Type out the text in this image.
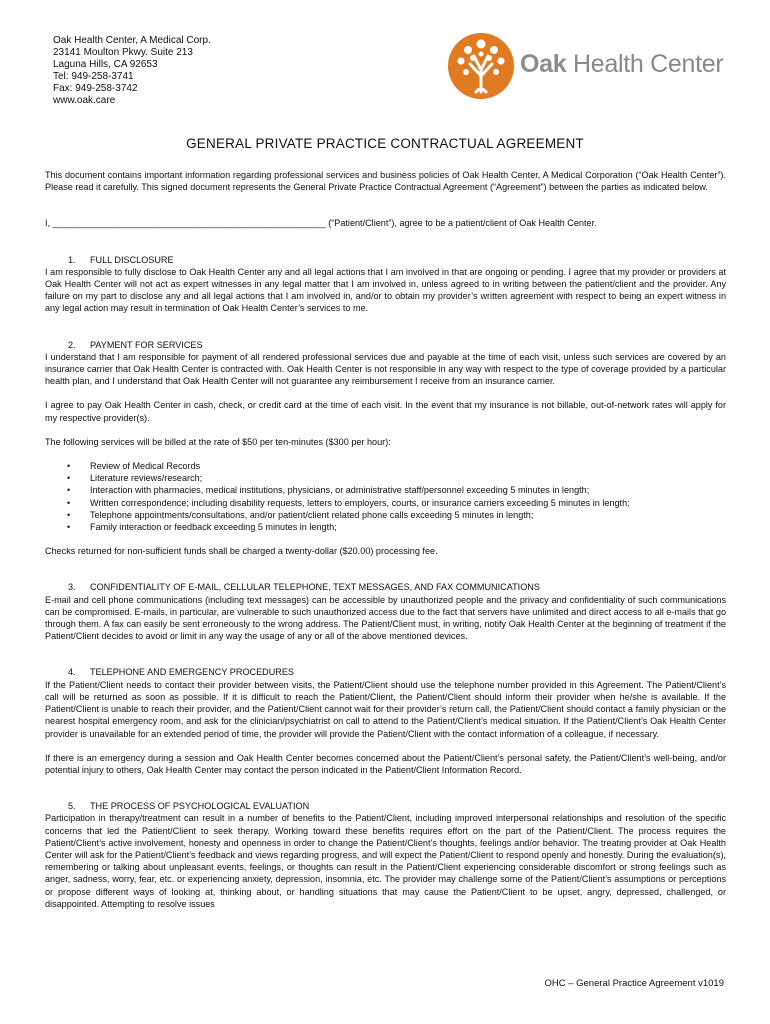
Oak Health Center, A Medical Corp.
23141 Moulton Pkwy. Suite 213
Laguna Hills, CA 92653
Tel: 949-258-3741
Fax: 949-258-3742
www.oak.care
Oak Health Center
GENERAL PRIVATE PRACTICE CONTRACTUAL AGREEMENT

This document contains important information regarding professional services and business policies of Oak Health Center, A Medical Corporation (“Oak Health Center”). Please read it carefully. This signed document represents the General Private Practice Contractual Agreement (“Agreement”) between the parties as indicated below.

I, ______________________________________________________ (“Patient/Client”), agree to be a patient/client of Oak Health Center.

1.	FULL DISCLOSURE

I am responsible to fully disclose to Oak Health Center any and all legal actions that I am involved in that are ongoing or pending. I agree that my provider or providers at Oak Health Center will not act as expert witnesses in any legal matter that I am involved in, unless agreed to in writing between the patient/client and the provider. Any failure on my part to disclose any and all legal actions that I am involved in, and/or to obtain my provider’s written agreement with respect to being an expert witness in any legal action may result in termination of Oak Health Center’s services to me.

2.	PAYMENT FOR SERVICES

I understand that I am responsible for payment of all rendered professional services due and payable at the time of each visit, unless such services are covered by an insurance carrier that Oak Health Center is contracted with. Oak Health Center is not responsible in any way with respect to the type of coverage provided by a particular health plan, and I understand that Oak Health Center will not guarantee any reimbursement I receive from an insurance carrier.

I agree to pay Oak Health Center in cash, check, or credit card at the time of each visit. In the event that my insurance is not billable, out-of-network rates will apply for my respective provider(s).

The following services will be billed at the rate of $50 per ten-minutes ($300 per hour):

• Review of Medical Records
• Literature reviews/research;
• Interaction with pharmacies, medical institutions, physicians, or administrative staff/personnel exceeding 5 minutes in length;
• Written correspondence; including disability requests, letters to employers, courts, or insurance carriers exceeding 5 minutes in length;
• Telephone appointments/consultations, and/or patient/client related phone calls exceeding 5 minutes in length;
• Family interaction or feedback exceeding 5 minutes in length;

Checks returned for non-sufficient funds shall be charged a twenty-dollar ($20.00) processing fee.

3.	CONFIDENTIALITY OF E-MAIL, CELLULAR TELEPHONE, TEXT MESSAGES, AND FAX COMMUNICATIONS

E-mail and cell phone communications (including text messages) can be accessible by unauthorized people and the privacy and confidentiality of such communications can be compromised. E-mails, in particular, are vulnerable to such unauthorized access due to the fact that servers have unlimited and direct access to all e-mails that go through them. A fax can easily be sent erroneously to the wrong address. The Patient/Client must, in writing, notify Oak Health Center at the beginning of treatment if the Patient/Client decides to avoid or limit in any way the usage of any or all of the above mentioned devices.

4.	TELEPHONE AND EMERGENCY PROCEDURES

If the Patient/Client needs to contact their provider between visits, the Patient/Client should use the telephone number provided in this Agreement. The Patient/Client’s call will be returned as soon as possible. If it is difficult to reach the Patient/Client, the Patient/Client should inform their provider when he/she is available. If the Patient/Client is unable to reach their provider, and the Patient/Client cannot wait for their provider’s return call, the Patient/Client should contact a family physician or the nearest hospital emergency room, and ask for the clinician/psychiatrist on call to attend to the Patient/Client’s medical situation. If the Patient/Client’s Oak Health Center provider is unavailable for an extended period of time, the provider will provide the Patient/Client with the contact information of a colleague, if necessary.

If there is an emergency during a session and Oak Health Center becomes concerned about the Patient/Client’s personal safety, the Patient/Client’s well-being, and/or potential injury to others, Oak Health Center may contact the person indicated in the Patient/Client Information Record.

5.	THE PROCESS OF PSYCHOLOGICAL EVALUATION

Participation in therapy/treatment can result in a number of benefits to the Patient/Client, including improved interpersonal relationships and resolution of the specific concerns that led the Patient/Client to seek therapy. Working toward these benefits requires effort on the part of the Patient/Client. The process requires the Patient/Client’s active involvement, honesty and openness in order to change the Patient/Client’s thoughts, feelings and/or behavior. The treating provider at Oak Health Center will ask for the Patient/Client’s feedback and views regarding progress, and will expect the Patient/Client to respond openly and honestly. During the evaluation(s), remembering or talking about unpleasant events, feelings, or thoughts can result in the Patient/Client experiencing considerable discomfort or strong feelings such as anger, sadness, worry, fear, etc. or experiencing anxiety, depression, insomnia, etc. The provider may challenge some of the Patient/Client’s assumptions or perceptions or propose different ways of looking at, thinking about, or handling situations that may cause the Patient/Client to be upset, angry, depressed, challenged, or disappointed. Attempting to resolve issues

OHC – General Practice Agreement v1019
